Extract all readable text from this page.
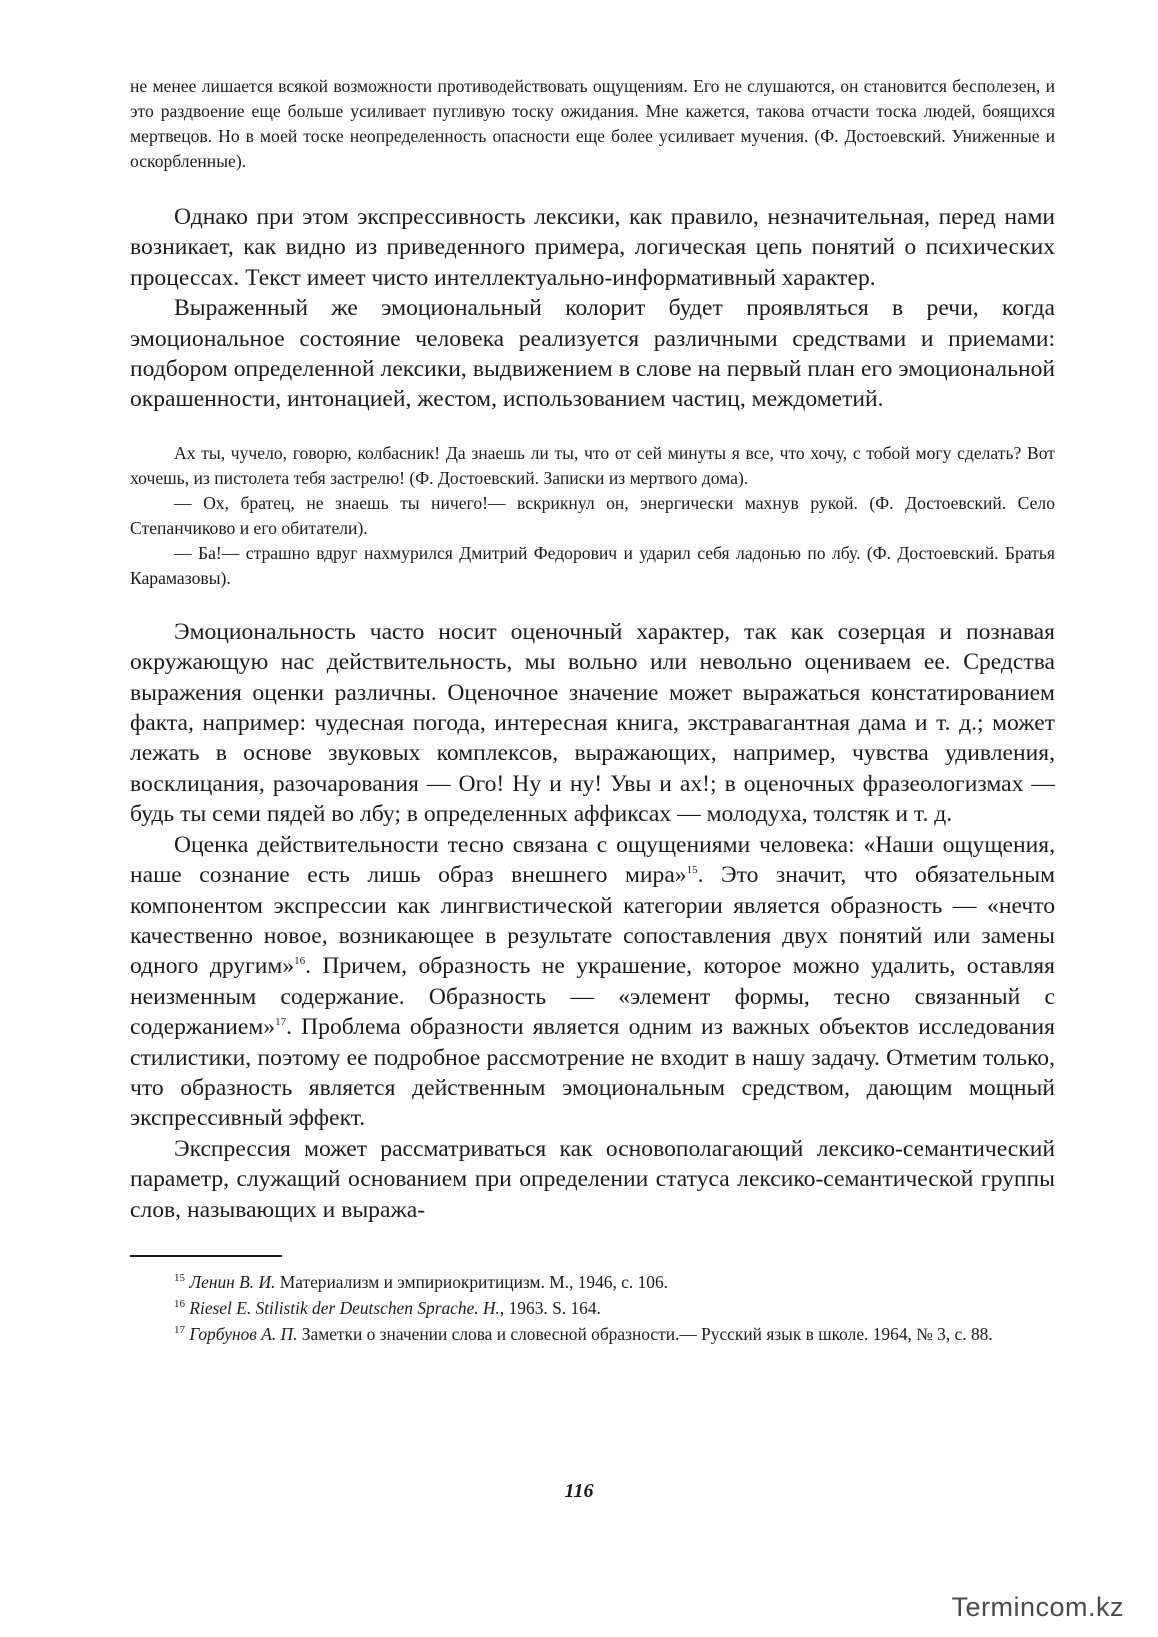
не менее лишается всякой возможности противодействовать ощущениям. Его не слушаются, он становится бесполезен, и это раздвоение еще больше усиливает пугливую тоску ожидания. Мне кажется, такова отчасти тоска людей, боящихся мертвецов. Но в моей тоске неопределенность опасности еще более усиливает мучения. (Ф. Достоевский. Униженные и оскорбленные).

Однако при этом экспрессивность лексики, как правило, незначительная, перед нами возникает, как видно из приведенного примера, логическая цепь понятий о психических процессах. Текст имеет чисто интеллектуально-информативный характер.

Выраженный же эмоциональный колорит будет проявляться в речи, когда эмоциональное состояние человека реализуется различными средствами и приемами: подбором определенной лексики, выдвижением в слове на первый план его эмоциональной окрашенности, интонацией, жестом, использованием частиц, междометий.

Ах ты, чучело, говорю, колбасник! Да знаешь ли ты, что от сей минуты я все, что хочу, с тобой могу сделать? Вот хочешь, из пистолета тебя застрелю! (Ф. Достоевский. Записки из мертвого дома).

— Ох, братец, не знаешь ты ничего!— вскрикнул он, энергически махнув рукой. (Ф. Достоевский. Село Степанчиково и его обитатели).

— Ба!— страшно вдруг нахмурился Дмитрий Федорович и ударил себя ладонью по лбу. (Ф. Достоевский. Братья Карамазовы).

Эмоциональность часто носит оценочный характер, так как созерцая и познавая окружающую нас действительность, мы вольно или невольно оцениваем ее. Средства выражения оценки различны. Оценочное значение может выражаться констатированием факта, например: чудесная погода, интересная книга, экстравагантная дама и т. д.; может лежать в основе звуковых комплексов, выражающих, например, чувства удивления, восклицания, разочарования — Ого! Ну и ну! Увы и ах!; в оценочных фразеологизмах — будь ты семи пядей во лбу; в определенных аффиксах — молодуха, толстяк и т. д.

Оценка действительности тесно связана с ощущениями человека: «Наши ощущения, наше сознание есть лишь образ внешнего мира»$^{15}$. Это значит, что обязательным компонентом экспрессии как лингвистической категории является образность — «нечто качественно новое, возникающее в результате сопоставления двух понятий или замены одного другим»$^{16}$. Причем, образность не украшение, которое можно удалить, оставляя неизменным содержание. Образность — «элемент формы, тесно связанный с содержанием»$^{17}$. Проблема образности является одним из важных объектов исследования стилистики, поэтому ее подробное рассмотрение не входит в нашу задачу. Отметим только, что образность является действенным эмоциональным средством, дающим мощный экспрессивный эффект.

Экспрессия может рассматриваться как основополагающий лексико-семантический параметр, служащий основанием при определении статуса лексико-семантической группы слов, называющих и выража-

$^{15}$ Ленин В. И. Материализм и эмпириокритицизм. М., 1946, с. 106.

$^{16}$ Riesel E. Stilistik der Deutschen Sprache. H., 1963. S. 164.

$^{17}$ Горбунов А. П. Заметки о значении слова и словесной образности.— Русский язык в школе. 1964, № 3, с. 88.

116
Termincom.kz
